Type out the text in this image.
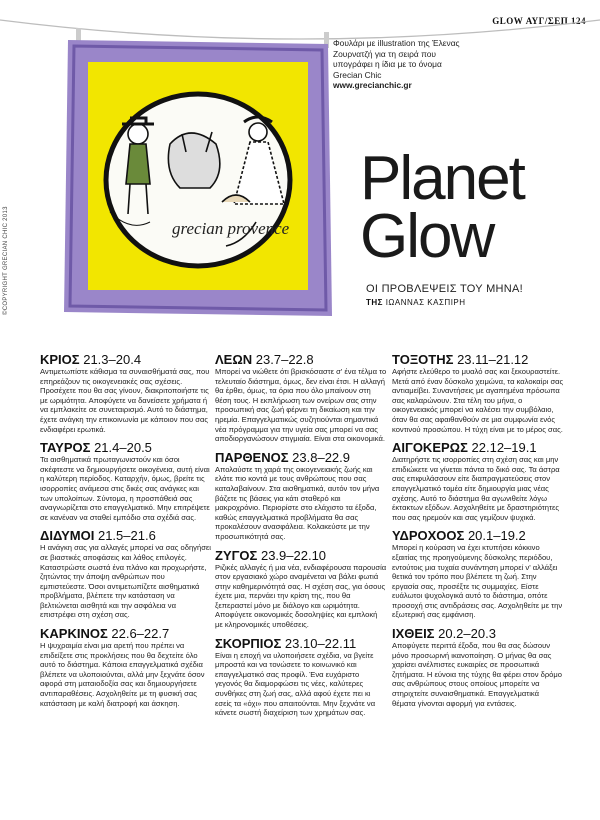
GLOW ΑΥΓ/ΣΕΠ 124
grecian provence
Φουλάρι με illustration της Έλενας Ζουρνατζή για τη σειρά που υπογράφει η ίδια με το όνομα Grecian Chic
www.grecianchic.gr
©COPYRIGHT GRECIAN CHIC 2013
Planet
Glow
ΟΙ ΠΡΟΒΛΕΨΕΙΣ ΤΟΥ ΜΗΝΑ!
ΤΗΣ ΙΩΑΝΝΑΣ ΚΑΣΠΙΡΗ
ΚΡΙΟΣ 21.3–20.4

Αντιμετωπίστε κάθισμα τα συναισθήματά σας, που επηρεάζουν τις οικογενειακές σας σχέσεις. Προσέχετε που θα σας γίνουν, διακριτοποιήστε τις με ωριμότητα. Αποφύγετε να δανείσετε χρήματα ή να εμπλακείτε σε συνεταιρισμό. Αυτό το διάστημα, έχετε ανάγκη την επικοινωνία με κάποιον που σας ενδιαφέρει ερωτικά.

ΤΑΥΡΟΣ 21.4–20.5

Τα αισθηματικά πρωταγωνιστούν και όσοι σκέφτεστε να δημιουργήσετε οικογένεια, αυτή είναι η καλύτερη περίοδος. Καταρχήν, όμως, βρείτε τις ισορροπίες ανάμεσα στις δικές σας ανάγκες και των υπολοίπων. Σύντομα, η προσπάθειά σας αναγνωρίζεται στο επαγγελματικό. Μην επιτρέψετε σε κανέναν να σταθεί εμπόδιο στα σχέδιά σας.

ΔΙΔΥΜΟΙ 21.5–21.6

Η ανάγκη σας για αλλαγές μπορεί να σας οδηγήσει σε βιαστικές αποφάσεις και λάθος επιλογές. Καταστρώστε σωστά ένα πλάνο και προχωρήστε, ζητώντας την άποψη ανθρώπων που εμπιστεύεστε. Όσοι αντιμετωπίζετε αισθηματικά προβλήματα, βλέπετε την κατάσταση να βελτιώνεται αισθητά και την ασφάλεια να επιστρέφει στη σχέση σας.

ΚΑΡΚΙΝΟΣ 22.6–22.7

Η ψυχραιμία είναι μια αρετή που πρέπει να επιδείξετε στις προκλήσεις που θα δεχτείτε όλο αυτό το διάστημα. Κάποια επαγγελματικά σχέδια βλέπετε να υλοποιούνται, αλλά μην ξεχνάτε όσον αφορά στη ματαιοδοξία σας και δημιουργήσετε αντιπαραθέσεις. Ασχοληθείτε με τη φυσική σας κατάσταση με καλή διατροφή και άσκηση.

ΛΕΩΝ 23.7–22.8

Μπορεί να νιώθετε ότι βρισκόσαστε σ' ένα τέλμα το τελευταίο διάστημα, όμως, δεν είναι έτσι. Η αλλαγή θα έρθει, όμως, τα όρια που όλο μπαίνουν στη θέση τους. Η εκπλήρωση των ονείρων σας στην προσωπική σας ζωή φέρνει τη δικαίωση και την ηρεμία. Επαγγελματικώς συζητιούνται σημαντικά νέα πρόγραμμα για την υγεία σας μπορεί να σας αποδιοργανώσουν στιγμιαία. Είναι στα οικονομικά.

ΠΑΡΘΕΝΟΣ 23.8–22.9

Απολαύστε τη χαρά της οικογενειακής ζωής και ελάτε πιο κοντά με τους ανθρώπους που σας καταλαβαίνουν. Στα αισθηματικά, αυτόν τον μήνα βάζετε τις βάσεις για κάτι σταθερό και μακροχρόνιο. Περιορίστε στο ελάχιστο τα έξοδα, καθώς επαγγελματικά προβλήματα θα σας προκαλέσουν ανασφάλεια. Κολακεύστε με την προσωπικότητά σας.

ΖΥΓΟΣ 23.9–22.10

Ριζικές αλλαγές ή μια νέα, ενδιαφέρουσα παρουσία στον εργασιακό χώρο αναμένεται να βάλει φωτιά στην καθημερινότητά σας. Η σχέση σας, για όσους έχετε μια, περνάει την κρίση της, που θα ξεπεραστεί μόνο με διάλογο και ωριμότητα. Αποφύγετε οικονομικές δοσοληψίες και εμπλοκή με κληρονομικές υποθέσεις.

ΣΚΟΡΠΙΟΣ 23.10–22.11

Είναι η εποχή να υλοποιήσετε σχέδια, να βγείτε μπροστά και να τονώσετε το κοινωνικό και επαγγελματικό σας προφίλ. Ένα ευχάριστο γεγονός θα διαμορφώσει τις νέες, καλύτερες συνθήκες στη ζωή σας, αλλά αφού έχετε πει κι εσείς τα «όχι» που απαιτούνται. Μην ξεχνάτε να κάνετε σωστή διαχείριση των χρημάτων σας.

ΤΟΞΟΤΗΣ 23.11–21.12

Αφήστε ελεύθερο το μυαλό σας και ξεκουραστείτε. Μετά από έναν δύσκολο χειμώνα, τα καλοκαίρι σας αντιαμείβει. Συναντήσεις με αγαπημένα πρόσωπα σας καλαρώνουν. Στα τέλη του μήνα, ο οικογενειακός μπορεί να καλέσει την συμβόλαιο, όταν θα σας αφαιθανθούν σε μια συμφωνία ενός κοντινού προσώπου. Η τύχη είναι με το μέρος σας.

ΑΙΓΟΚΕΡΩΣ 22.12–19.1

Διατηρήστε τις ισορροπίες στη σχέση σας και μην επιδιώκετε να γίνεται πάντα το δικό σας. Τα άστρα σας επιφυλάσσουν είτε διαπραγματεύσεις στον επαγγελματικό τομέα είτε δημιουργία μιας νέας σχέσης. Αυτό το διάστημα θα αγωνιθείτε λόγω έκτακτων εξόδων. Ασχοληθείτε με δραστηριότητες που σας ηρεμούν και σας γεμίζουν ψυχικά.

ΥΔΡΟΧΟΟΣ 20.1–19.2

Μπορεί η κούραση να έχει κτυπήσει κόκκινο εξαιτίας της προηγούμενης δύσκολης περιόδου, εντούτοις μια τυχαία συνάντηση μπορεί ν' αλλάξει θετικά τον τρόπο που βλέπετε τη ζωή. Στην εργασία σας, προσέξτε τις συμμαχίες. Είστε ευάλωτοι ψυχολογικά αυτό το διάστημα, οπότε προσοχή στις αντιδράσεις σας. Ασχοληθείτε με την εξωτερική σας εμφάνιση.

ΙΧΘΕΙΣ 20.2–20.3

Αποφύγετε περιττά έξοδα, που θα σας δώσουν μόνο προσωρινή ικανοποίηση. Ο μήνας θα σας χαρίσει ανέλπιστες ευκαιρίες σε προσωπικά ζητήματα. Η εύνοια της τύχης θα φέρει στον δρόμο σας ανθρώπους στους οποίους μπορείτε να στηριχτείτε συναισθηματικά. Επαγγελματικά θέματα γίνονται αφορμή για εντάσεις.
